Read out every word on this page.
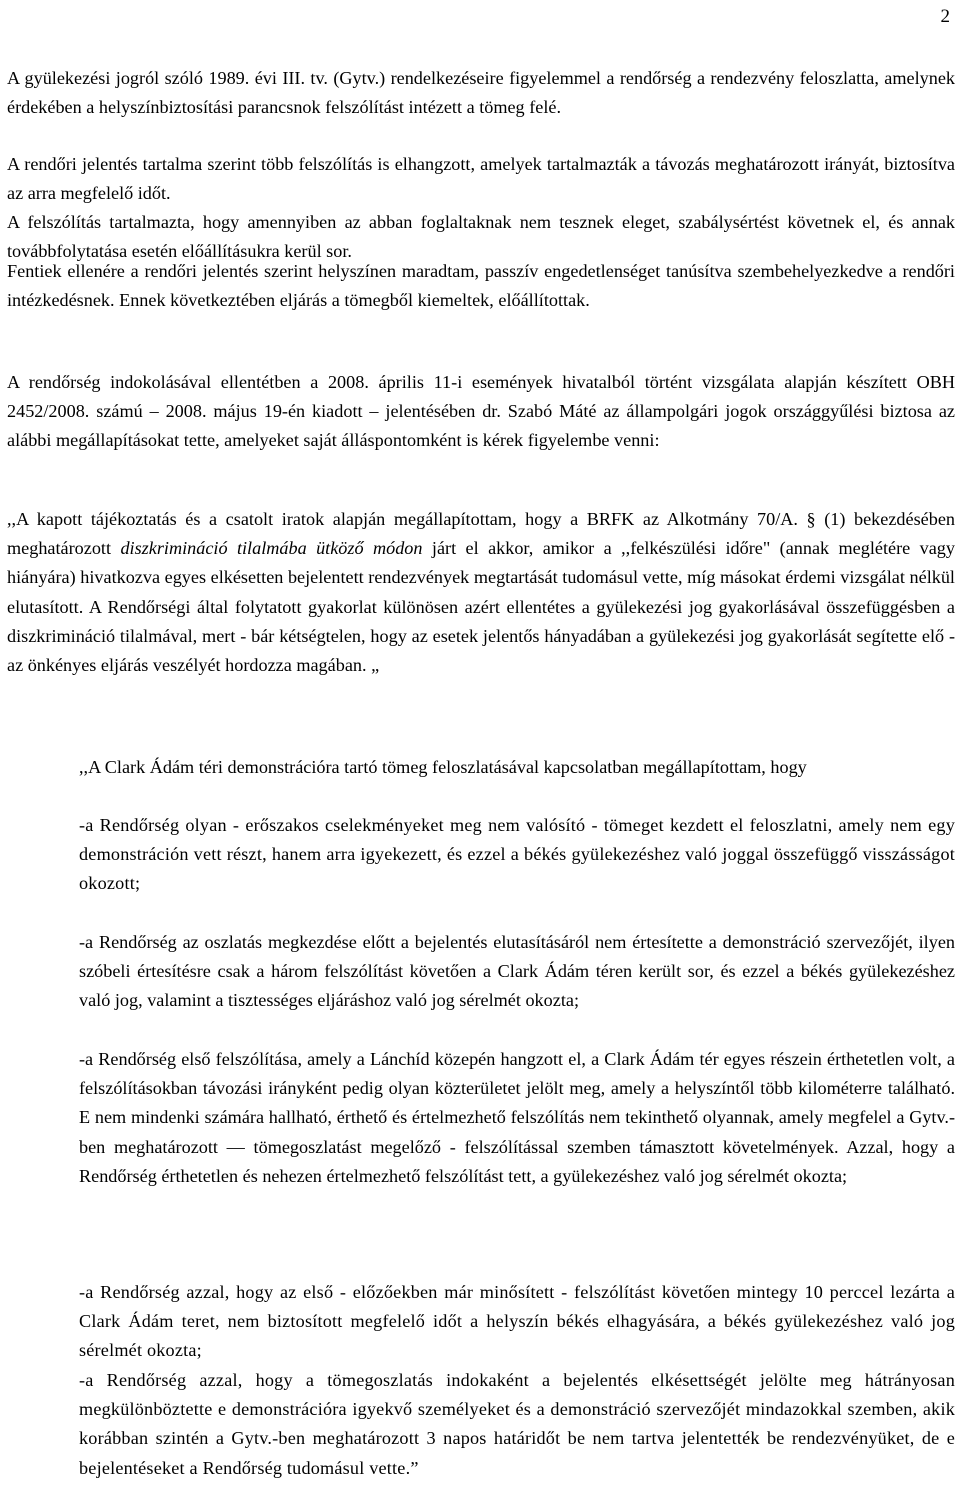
2

A gyülekezési jogról szóló 1989. évi III. tv. (Gytv.) rendelkezéseire figyelemmel a rendőrség a rendezvény feloszlatta, amelynek érdekében a helyszínbiztosítási parancsnok felszólítást intézett a tömeg felé.

A rendőri jelentés tartalma szerint több felszólítás is elhangzott, amelyek tartalmazták a távozás meghatározott irányát, biztosítva az arra megfelelő időt.

A felszólítás tartalmazta, hogy amennyiben az abban foglaltaknak nem tesznek eleget, szabálysértést követnek el, és annak továbbfolytatása esetén előállításukra kerül sor.

Fentiek ellenére a rendőri jelentés szerint helyszínen maradtam, passzív engedetlenséget tanúsítva szembehelyezkedve a rendőri intézkedésnek. Ennek következtében eljárás a tömegből kiemeltek, előállítottak.

A rendőrség indokolásával ellentétben a 2008. április 11-i események hivatalból történt vizsgálata alapján készített OBH 2452/2008. számú – 2008. május 19-én kiadott – jelentésében dr. Szabó Máté az állampolgári jogok országgyűlési biztosa az alábbi megállapításokat tette, amelyeket saját álláspontomként is kérek figyelembe venni:

,,A kapott tájékoztatás és a csatolt iratok alapján megállapítottam, hogy a BRFK az Alkotmány 70/A. § (1) bekezdésében meghatározott diszkrimináció tilalmába ütköző módon járt el akkor, amikor a ,,felkészülési időre" (annak meglétére vagy hiányára) hivatkozva egyes elkésetten bejelentett rendezvények megtartását tudomásul vette, míg másokat érdemi vizsgálat nélkül elutasított. A Rendőrségi által folytatott gyakorlat különösen azért ellentétes a gyülekezési jog gyakorlásával összefüggésben a diszkrimináció tilalmával, mert - bár kétségtelen, hogy az esetek jelentős hányadában a gyülekezési jog gyakorlását segítette elő -az önkényes eljárás veszélyét hordozza magában. „

,,A Clark Ádám téri demonstrációra tartó tömeg feloszlatásával kapcsolatban megállapítottam, hogy

-a Rendőrség olyan - erőszakos cselekményeket meg nem valósító - tömeget kezdett el feloszlatni, amely nem egy demonstráción vett részt, hanem arra igyekezett, és ezzel a békés gyülekezéshez való joggal összefüggő visszásságot okozott;

-a Rendőrség az oszlatás megkezdése előtt a bejelentés elutasításáról nem értesítette a demonstráció szervezőjét, ilyen szóbeli értesítésre csak a három felszólítást követően a Clark Ádám téren került sor, és ezzel a békés gyülekezéshez való jog, valamint a tisztességes eljáráshoz való jog sérelmét okozta;

-a Rendőrség első felszólítása, amely a Lánchíd közepén hangzott el, a Clark Ádám tér egyes részein érthetetlen volt, a felszólításokban távozási irányként pedig olyan közterületet jelölt meg, amely a helyszíntől több kilométerre található. E nem mindenki számára hallható, érthető és értelmezhető felszólítás nem tekinthető olyannak, amely megfelel a Gytv.-ben meghatározott — tömegoszlatást megelőző - felszólítással szemben támasztott követelmények. Azzal, hogy a Rendőrség érthetetlen és nehezen értelmezhető felszólítást tett, a gyülekezéshez való jog sérelmét okozta;

-a Rendőrség azzal, hogy az első - előzőekben már minősített - felszólítást követően mintegy 10 perccel lezárta a Clark Ádám teret, nem biztosított megfelelő időt a helyszín békés elhagyására, a békés gyülekezéshez való jog sérelmét okozta;

-a Rendőrség azzal, hogy a tömegoszlatás indokaként a bejelentés elkésettségét jelölte meg hátrányosan megkülönböztette e demonstrációra igyekvő személyeket és a demonstráció szervezőjét mindazokkal szemben, akik korábban szintén a Gytv.-ben meghatározott 3 napos határidőt be nem tartva jelentették be rendezvényüket, de e bejelentéseket a Rendőrség tudomásul vette.”
